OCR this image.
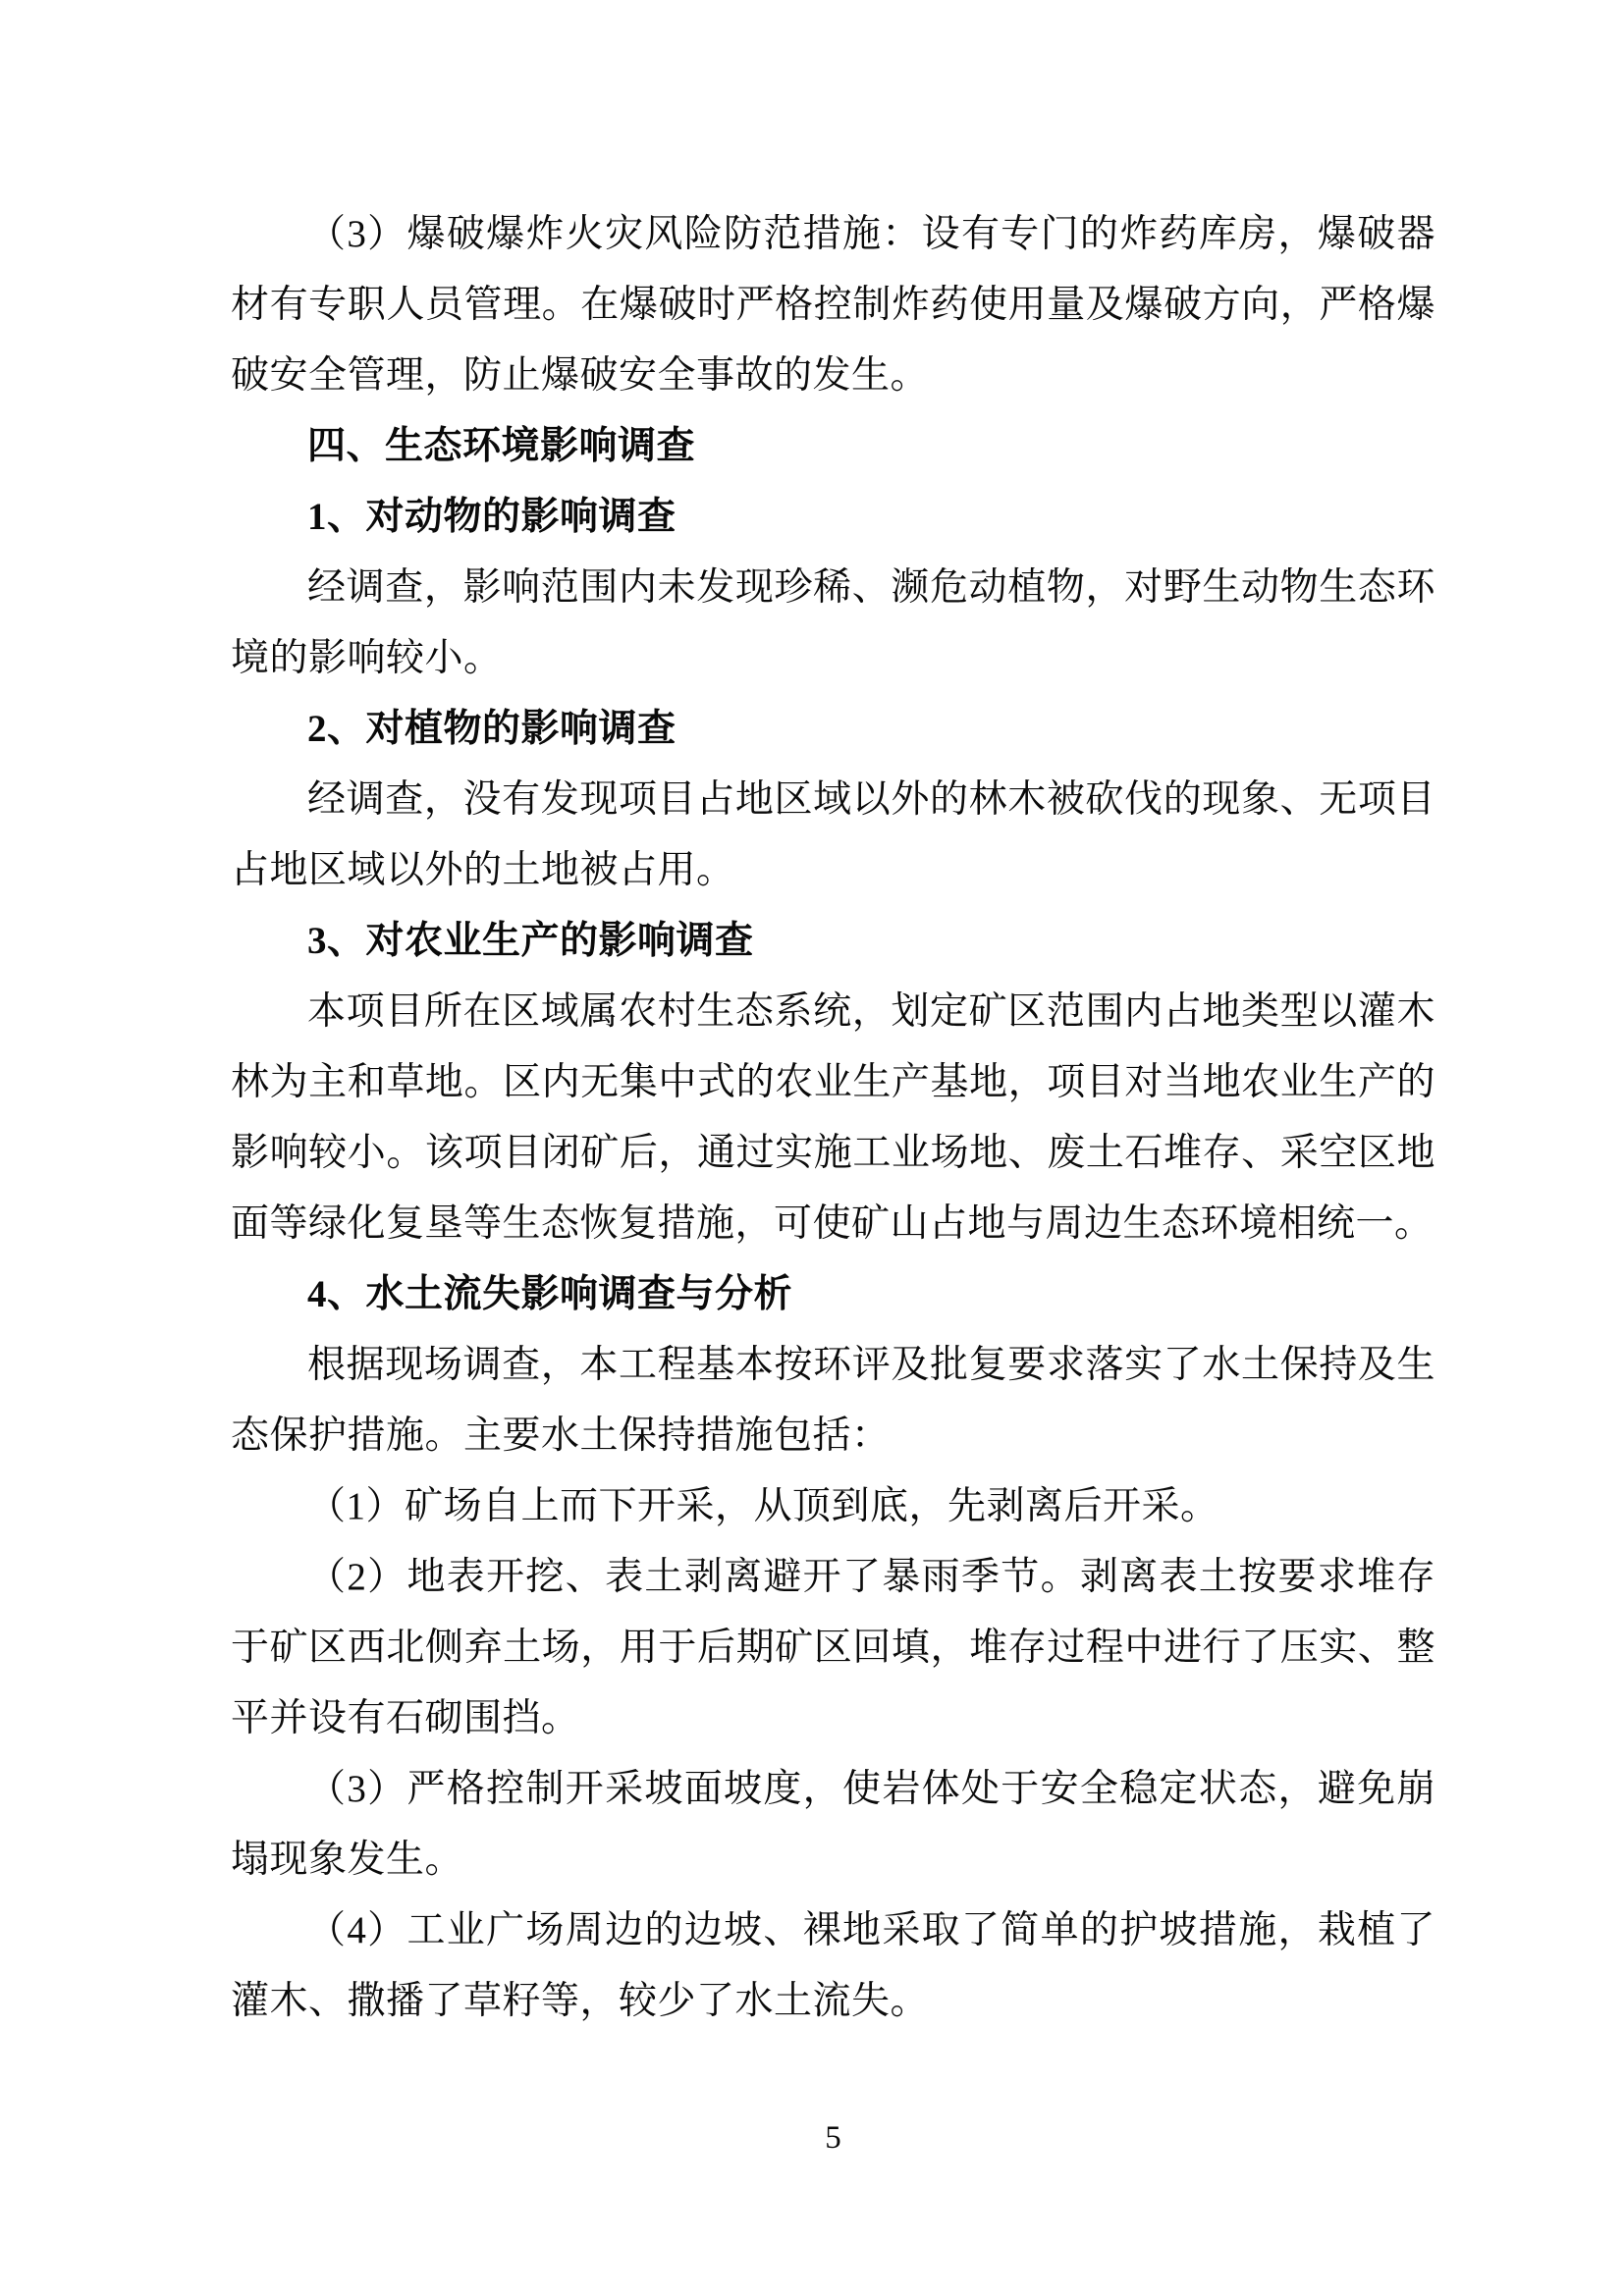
（3）爆破爆炸火灾风险防范措施：设有专门的炸药库房，爆破器材有专职人员管理。在爆破时严格控制炸药使用量及爆破方向，严格爆破安全管理，防止爆破安全事故的发生。

四、生态环境影响调查

1、对动物的影响调查

经调查，影响范围内未发现珍稀、濒危动植物，对野生动物生态环境的影响较小。

2、对植物的影响调查

经调查，没有发现项目占地区域以外的林木被砍伐的现象、无项目占地区域以外的土地被占用。

3、对农业生产的影响调查

本项目所在区域属农村生态系统，划定矿区范围内占地类型以灌木林为主和草地。区内无集中式的农业生产基地，项目对当地农业生产的影响较小。该项目闭矿后，通过实施工业场地、废土石堆存、采空区地面等绿化复垦等生态恢复措施，可使矿山占地与周边生态环境相统一。

4、水土流失影响调查与分析

根据现场调查，本工程基本按环评及批复要求落实了水土保持及生态保护措施。主要水土保持措施包括：

（1）矿场自上而下开采，从顶到底，先剥离后开采。

（2）地表开挖、表土剥离避开了暴雨季节。剥离表土按要求堆存于矿区西北侧弃土场，用于后期矿区回填，堆存过程中进行了压实、整平并设有石砌围挡。

（3）严格控制开采坡面坡度，使岩体处于安全稳定状态，避免崩塌现象发生。

（4）工业广场周边的边坡、裸地采取了简单的护坡措施，栽植了灌木、撒播了草籽等，较少了水土流失。

5
